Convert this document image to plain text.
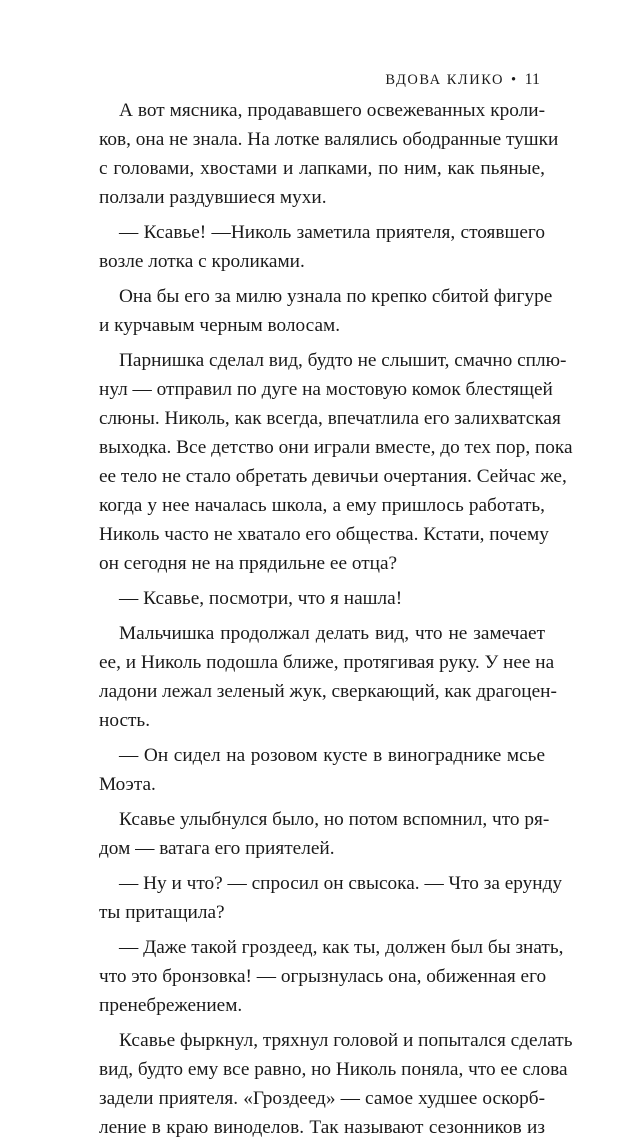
ВДОВА КЛИКО • 11

А вот мясника, продававшего освежеванных кроли-
ков, она не знала. На лотке валялись ободранные тушки
с головами, хвостами и лапками, по ним, как пьяные,
ползали раздувшиеся мухи.

— Ксавье! —Николь заметила приятеля, стоявшего
возле лотка с кроликами.

Она бы его за милю узнала по крепко сбитой фигуре
и курчавым черным волосам.

Парнишка сделал вид, будто не слышит, смачно сплю-
нул — отправил по дуге на мостовую комок блестящей
слюны. Николь, как всегда, впечатлила его залихватская
выходка. Все детство они играли вместе, до тех пор, пока
ее тело не стало обретать девичьи очертания. Сейчас же,
когда у нее началась школа, а ему пришлось работать,
Николь часто не хватало его общества. Кстати, почему
он сегодня не на прядильне ее отца?

— Ксавье, посмотри, что я нашла!

Мальчишка продолжал делать вид, что не замечает
ее, и Николь подошла ближе, протягивая руку. У нее на
ладони лежал зеленый жук, сверкающий, как драгоцен-
ность.

— Он сидел на розовом кусте в винограднике мсье
Моэта.

Ксавье улыбнулся было, но потом вспомнил, что ря-
дом — ватага его приятелей.

— Ну и что? — спросил он свысока. — Что за ерунду
ты притащила?

— Даже такой гроздеед, как ты, должен был бы знать,
что это бронзовка! — огрызнулась она, обиженная его
пренебрежением.

Ксавье фыркнул, тряхнул головой и попытался сделать
вид, будто ему все равно, но Николь поняла, что ее слова
задели приятеля. «Гроздеед» — самое худшее оскорб-
ление в краю виноделов. Так называют сезонников из
